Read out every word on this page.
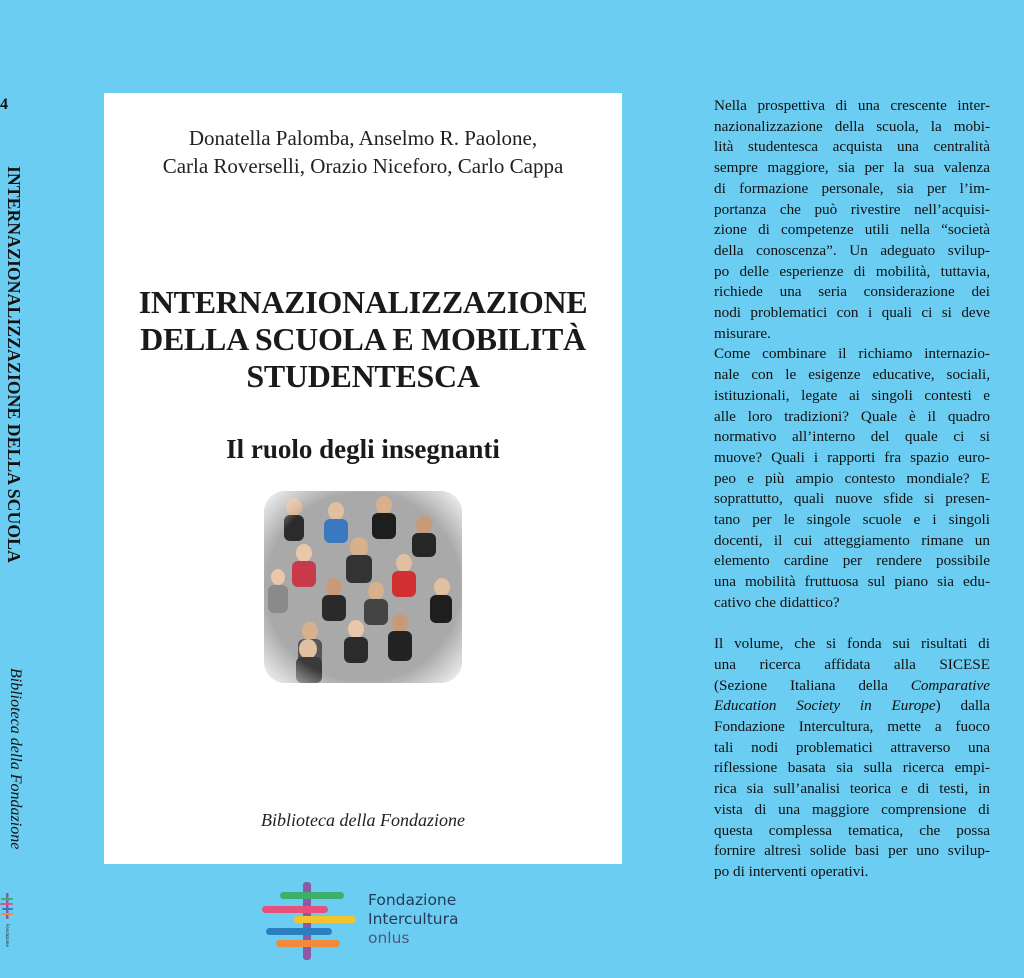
4
INTERNAZIONALIZZAZIONE DELLA SCUOLA
Biblioteca della Fondazione
Fondazione
Donatella Palomba, Anselmo R. Paolone,
Carla Roverselli, Orazio Niceforo, Carlo Cappa
INTERNAZIONALIZZAZIONE
DELLA SCUOLA E MOBILITÀ
STUDENTESCA
Il ruolo degli insegnanti
Biblioteca della Fondazione
Fondazione
Intercultura
onlus

Nella prospettiva di una crescente inter-
nazionalizzazione della scuola, la mobi-
lità studentesca acquista una centralità
sempre maggiore, sia per la sua valenza
di formazione personale, sia per l’im-
portanza che può rivestire nell’acquisi-
zione di competenze utili nella “società
della conoscenza”. Un adeguato svilup-
po delle esperienze di mobilità, tuttavia,
richiede una seria considerazione dei
nodi problematici con i quali ci si deve
misurare.

Come combinare il richiamo internazio-
nale con le esigenze educative, sociali,
istituzionali, legate ai singoli contesti e
alle loro tradizioni? Quale è il quadro
normativo all’interno del quale ci si
muove? Quali i rapporti fra spazio euro-
peo e più ampio contesto mondiale? E
soprattutto, quali nuove sfide si presen-
tano per le singole scuole e i singoli
docenti, il cui atteggiamento rimane un
elemento cardine per rendere possibile
una mobilità fruttuosa sul piano sia edu-
cativo che didattico?

Il volume, che si fonda sui risultati di
una ricerca affidata alla SICESE
(Sezione Italiana della Comparative
Education Society in Europe) dalla
Fondazione Intercultura, mette a fuoco
tali nodi problematici attraverso una
riflessione basata sia sulla ricerca empi-
rica sia sull’analisi teorica e di testi, in
vista di una maggiore comprensione di
questa complessa tematica, che possa
fornire altresì solide basi per uno svilup-
po di interventi operativi.
